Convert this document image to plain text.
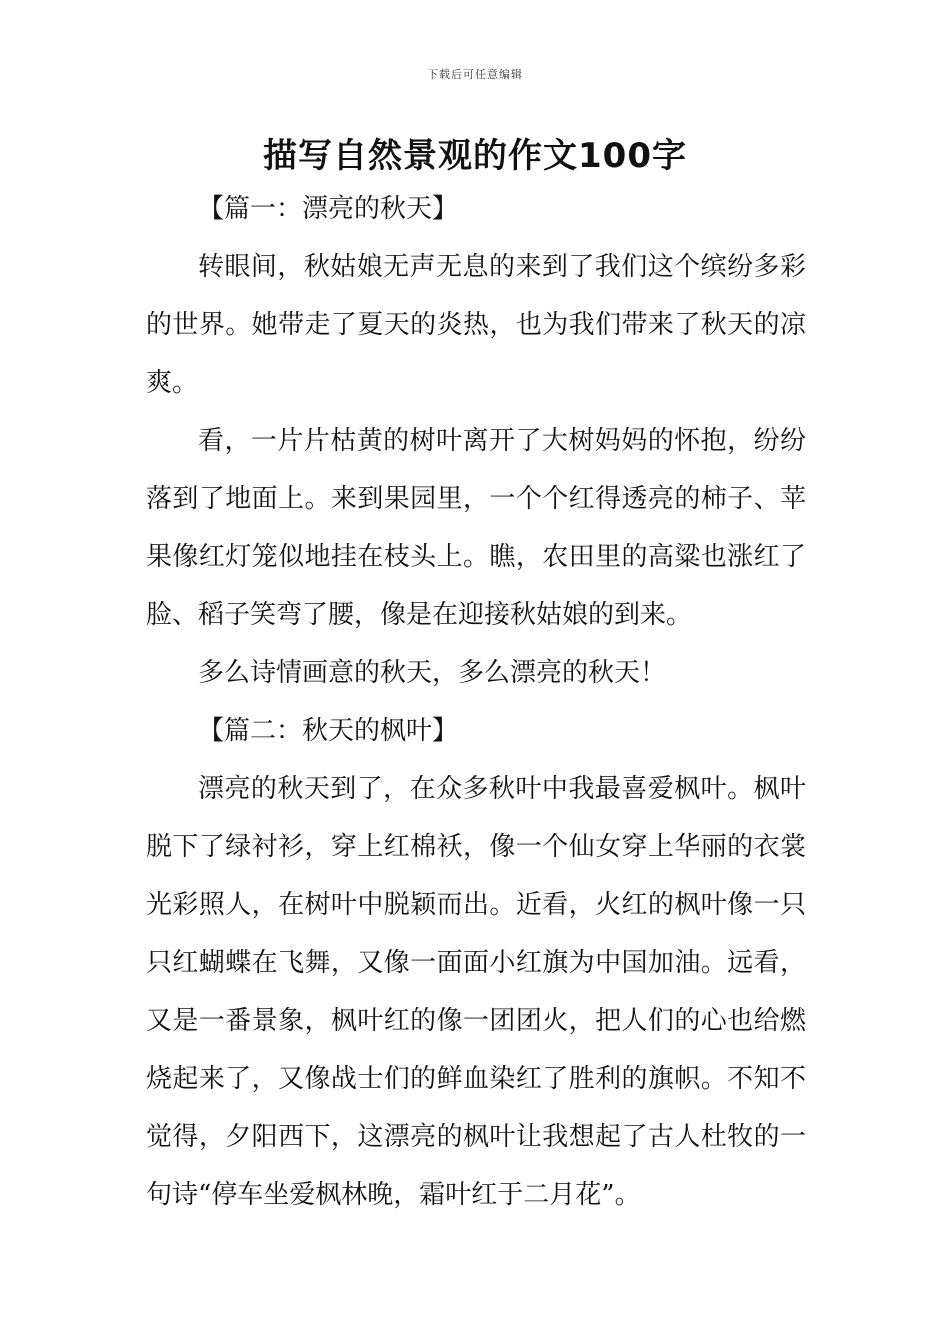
下载后可任意编辑
描写自然景观的作文100字

【篇一：漂亮的秋天】

转眼间，秋姑娘无声无息的来到了我们这个缤纷多彩的世界。她带走了夏天的炎热，也为我们带来了秋天的凉爽。

看，一片片枯黄的树叶离开了大树妈妈的怀抱，纷纷落到了地面上。来到果园里，一个个红得透亮的柿子、苹果像红灯笼似地挂在枝头上。瞧，农田里的高粱也涨红了脸、稻子笑弯了腰，像是在迎接秋姑娘的到来。

多么诗情画意的秋天，多么漂亮的秋天！

【篇二：秋天的枫叶】

漂亮的秋天到了，在众多秋叶中我最喜爱枫叶。枫叶脱下了绿衬衫，穿上红棉袄，像一个仙女穿上华丽的衣裳光彩照人，在树叶中脱颖而出。近看，火红的枫叶像一只只红蝴蝶在飞舞，又像一面面小红旗为中国加油。远看，又是一番景象，枫叶红的像一团团火，把人们的心也给燃烧起来了，又像战士们的鲜血染红了胜利的旗帜。不知不觉得，夕阳西下，这漂亮的枫叶让我想起了古人杜牧的一句诗“停车坐爱枫林晚，霜叶红于二月花”。
